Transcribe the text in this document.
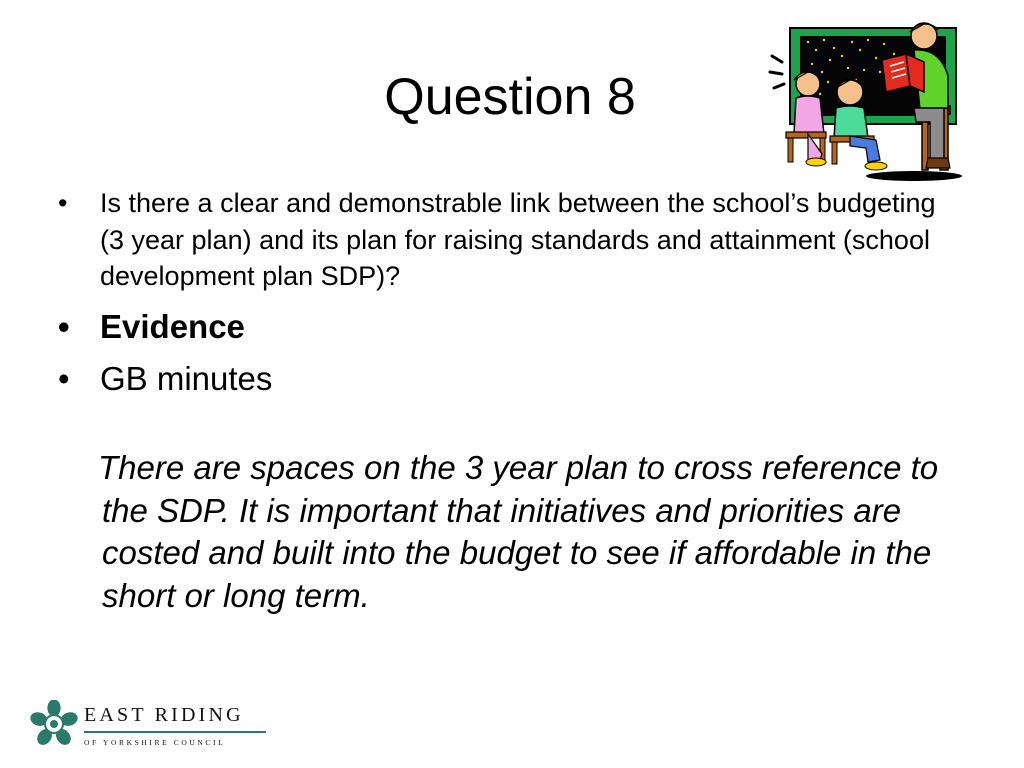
Question 8
• Is there a clear and demonstrable link between the school’s budgeting (3 year plan) and its plan for raising standards and attainment (school development plan SDP)?
• Evidence
• GB minutes

There are spaces on the 3 year plan to cross reference to the SDP. It is important that initiatives and priorities are costed and built into the budget to see if affordable in the short or long term.

EAST RIDING
OF YORKSHIRE COUNCIL
